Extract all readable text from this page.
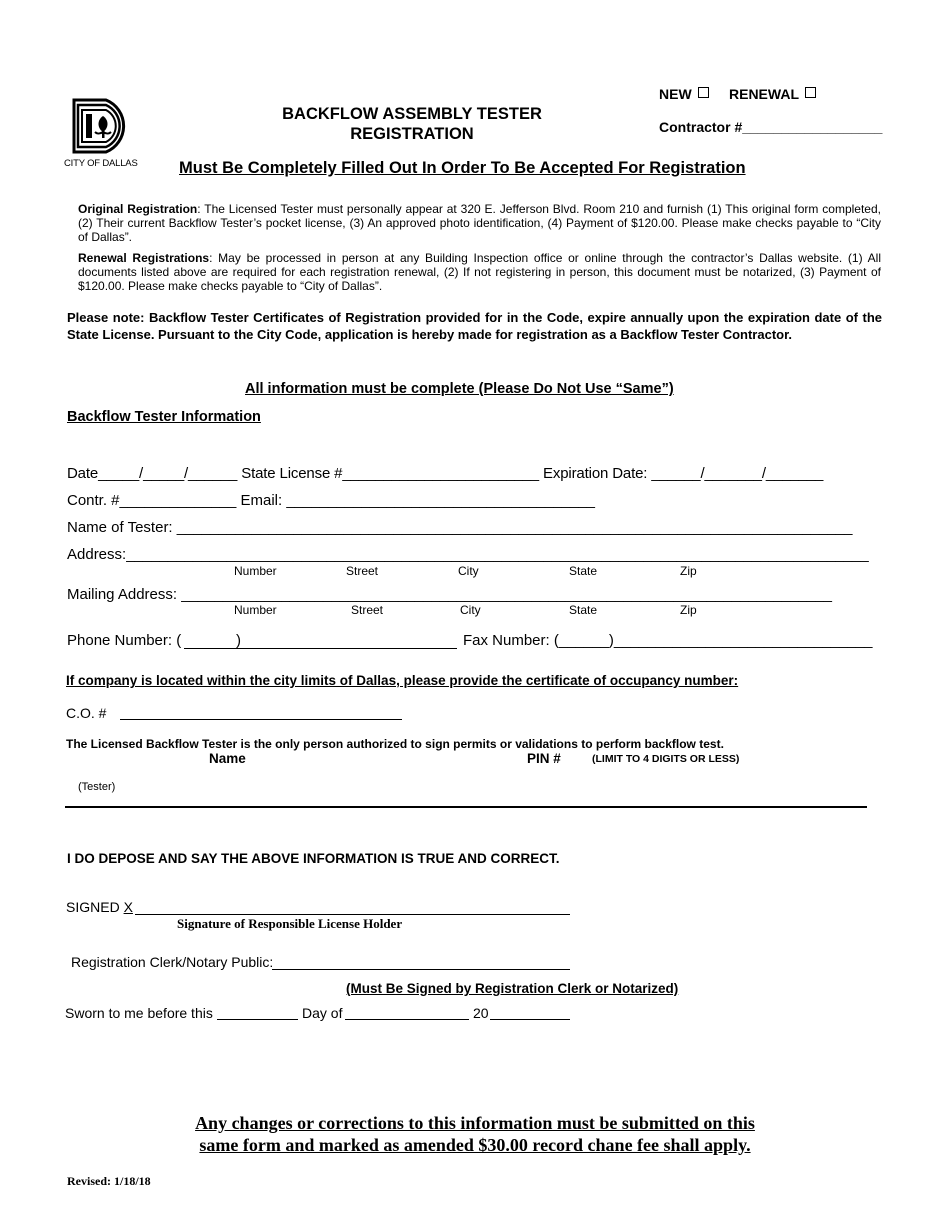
CITY OF DALLAS
BACKFLOW ASSEMBLY TESTER
REGISTRATION
NEW	RENEWAL
Contractor #__________________
Must Be Completely Filled Out In Order To Be Accepted For Registration
Original Registration: The Licensed Tester must personally appear at 320 E. Jefferson Blvd. Room 210 and furnish (1) This original form completed, (2) Their current Backflow Tester’s pocket license, (3) An approved photo identification, (4) Payment of $120.00. Please make checks payable to “City of Dallas”.
Renewal Registrations: May be processed in person at any Building Inspection office or online through the contractor’s Dallas website. (1) All documents listed above are required for each registration renewal, (2) If not registering in person, this document must be notarized, (3) Payment of $120.00. Please make checks payable to “City of Dallas”.
Please note: Backflow Tester Certificates of Registration provided for in the Code, expire annually upon the expiration date of the State License. Pursuant to the City Code, application is hereby made for registration as a Backflow Tester Contractor.
All information must be complete (Please Do Not Use “Same”)
Backflow Tester Information
Date_____/_____/______ State License #________________________ Expiration Date: ______/_______/_______
Contr. #______________ Email: _____________________________________
Name of Tester: _________________________________________________________________________________
Address:_________________________________________________________________________________________
Number	Street	City	State	Zip
Mailing Address: ______________________________________________________________________________
Number	Street	City	State	Zip
Phone Number: (	)	Fax Number: (______)_______________________________
If company is located within the city limits of Dallas, please provide the certificate of occupancy number:
C.O. #
The Licensed Backflow Tester is the only person authorized to sign permits or validations to perform backflow test.
Name	PIN #	(LIMIT TO 4 DIGITS OR LESS)
(Tester)
I DO DEPOSE AND SAY THE ABOVE INFORMATION IS TRUE AND CORRECT.
SIGNED X
Signature of Responsible License Holder
Registration Clerk/Notary Public:
(Must Be Signed by Registration Clerk or Notarized)
Sworn to me before this	Day of	20
Any changes or corrections to this information must be submitted on this
same form and marked as amended $30.00 record chane fee shall apply.
Revised: 1/18/18
